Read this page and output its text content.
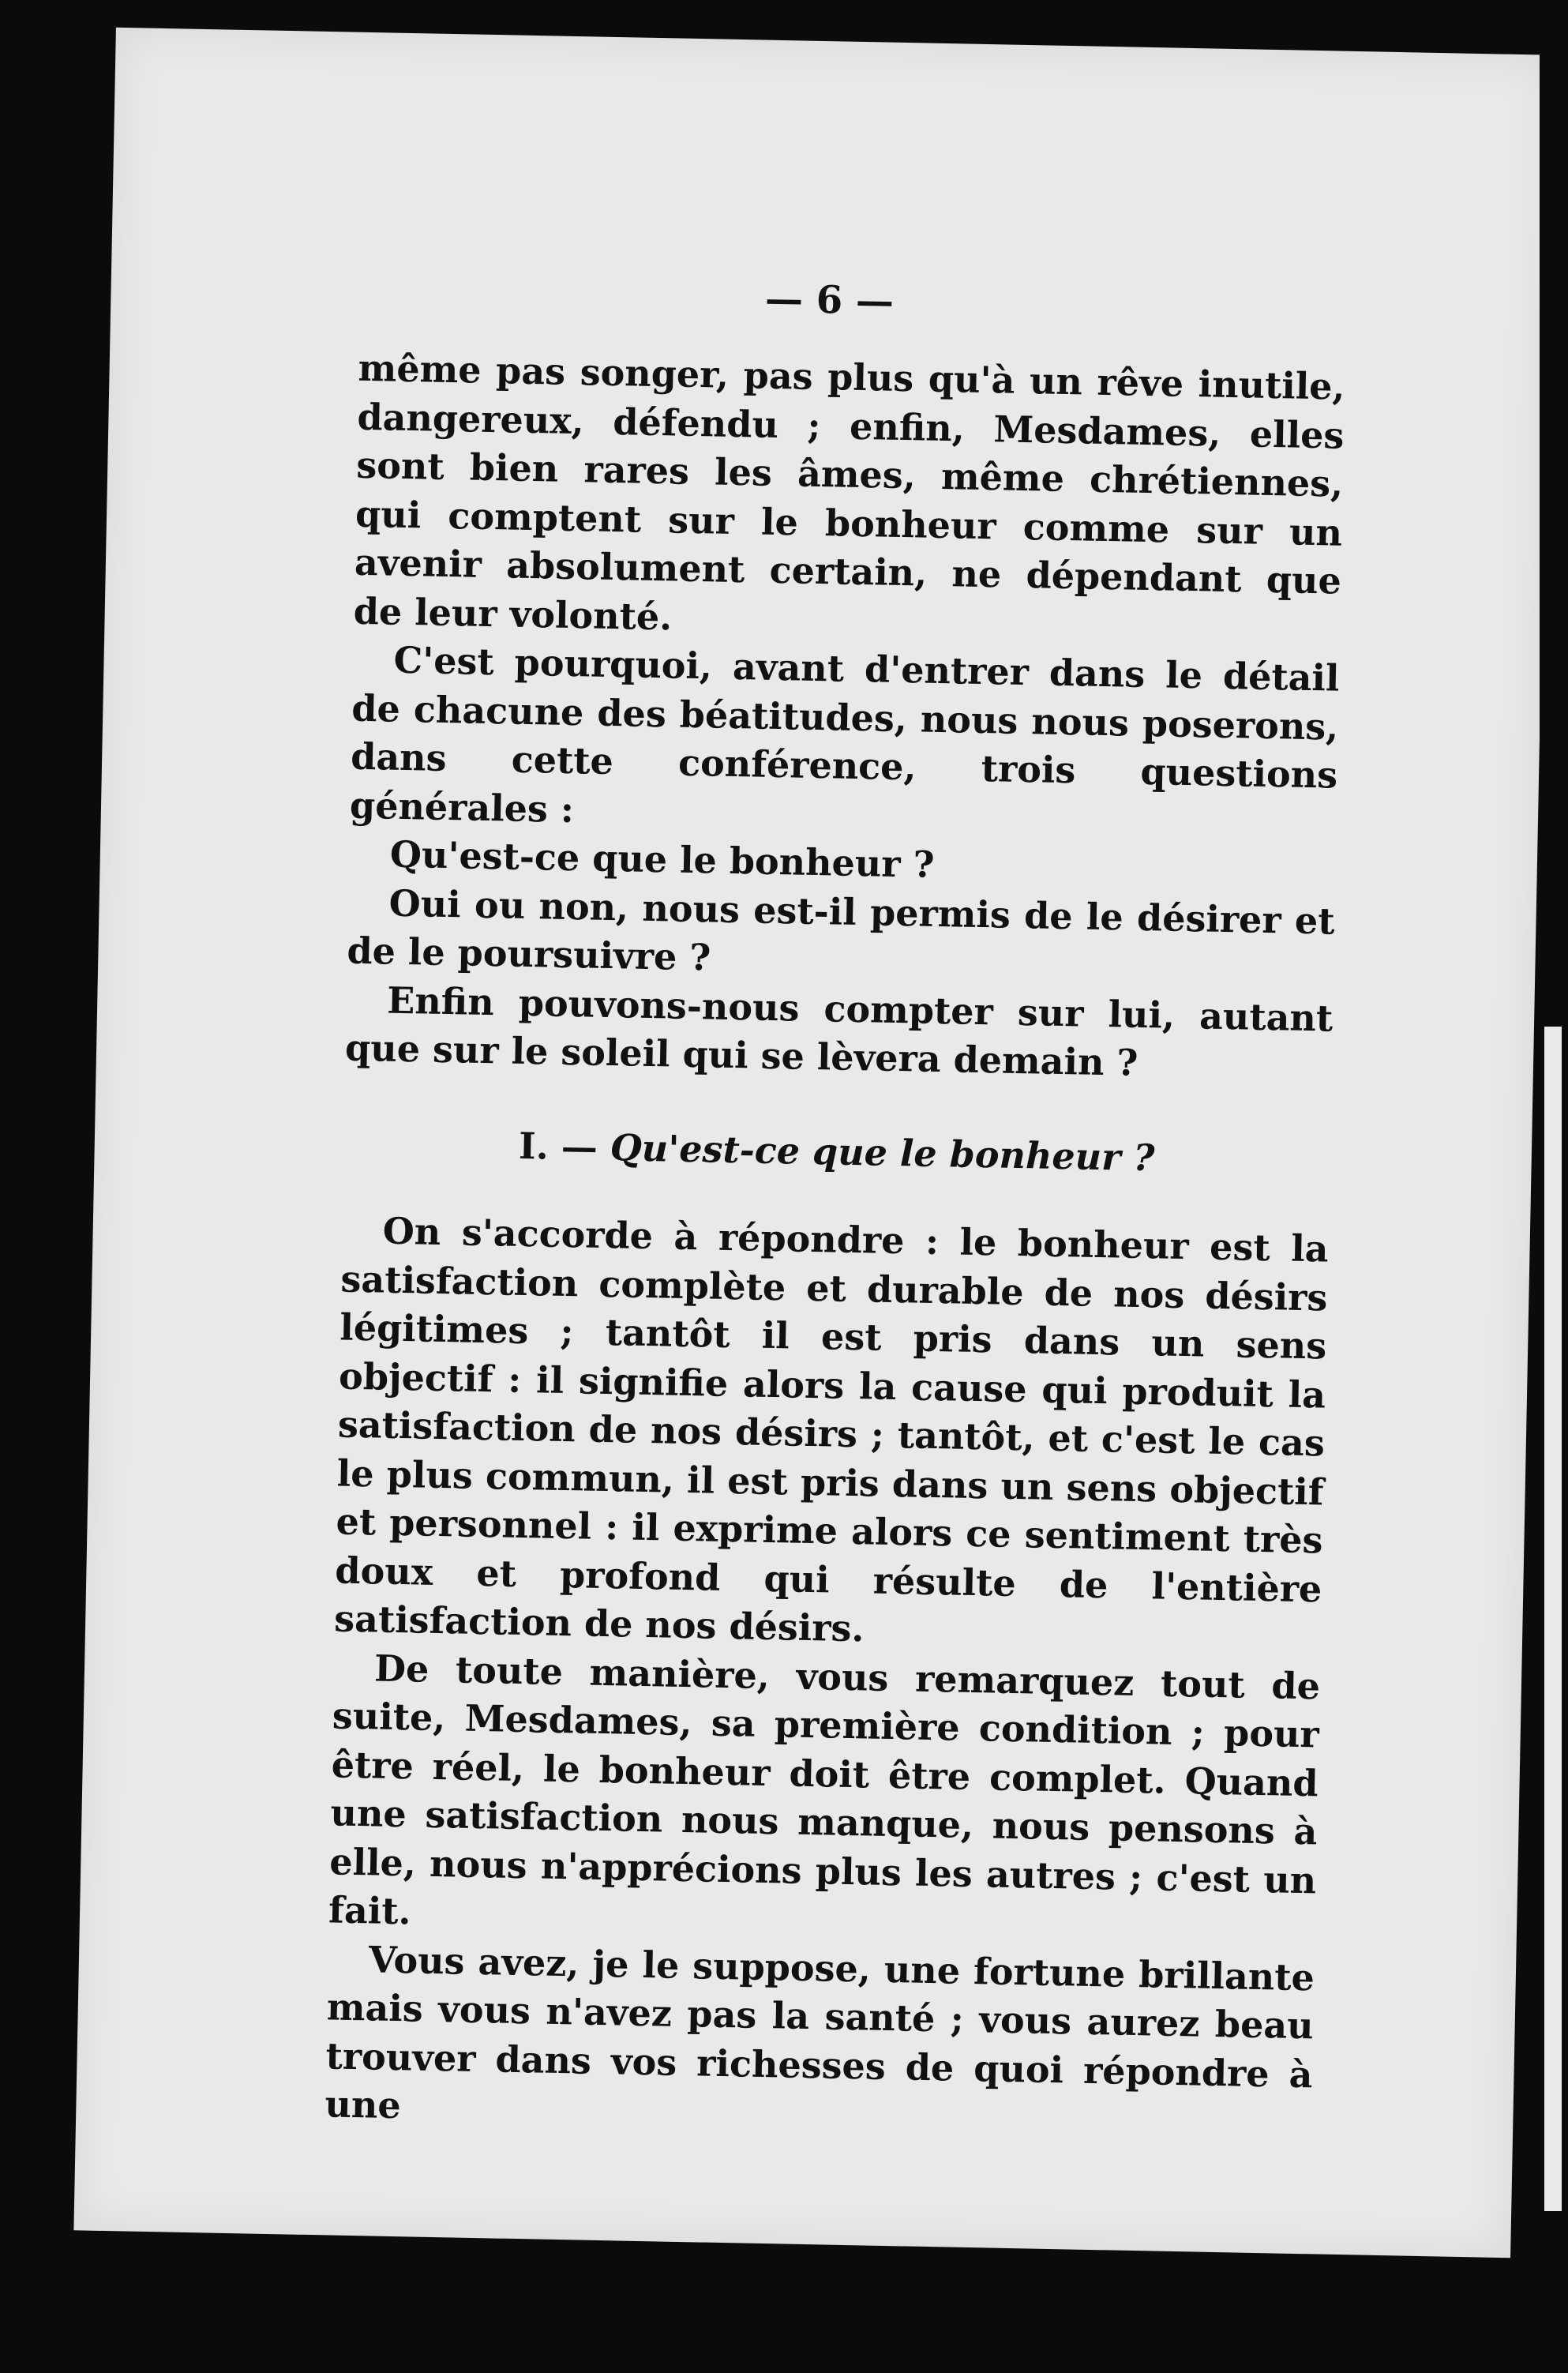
— 6 —

même pas songer, pas plus qu'à un rêve inutile, dangereux, défendu ; enfin, Mesdames, elles sont bien rares les âmes, même chrétiennes, qui comptent sur le bonheur comme sur un avenir absolument certain, ne dépendant que de leur volonté.

C'est pourquoi, avant d'entrer dans le détail de chacune des béatitudes, nous nous poserons, dans cette conférence, trois questions générales :

Qu'est-ce que le bonheur ?

Oui ou non, nous est-il permis de le désirer et de le poursuivre ?

Enfin pouvons-nous compter sur lui, autant que sur le soleil qui se lèvera demain ?

I. — Qu'est-ce que le bonheur ?

On s'accorde à répondre : le bonheur est la satisfaction complète et durable de nos désirs légitimes ; tantôt il est pris dans un sens objectif : il signifie alors la cause qui produit la satisfaction de nos désirs ; tantôt, et c'est le cas le plus commun, il est pris dans un sens objectif et personnel : il exprime alors ce sentiment très doux et profond qui résulte de l'entière satisfaction de nos désirs.

De toute manière, vous remarquez tout de suite, Mesdames, sa première condition ; pour être réel, le bonheur doit être complet. Quand une satisfaction nous manque, nous pensons à elle, nous n'apprécions plus les autres ; c'est un fait.

Vous avez, je le suppose, une fortune brillante mais vous n'avez pas la santé ; vous aurez beau trouver dans vos richesses de quoi répondre à une
